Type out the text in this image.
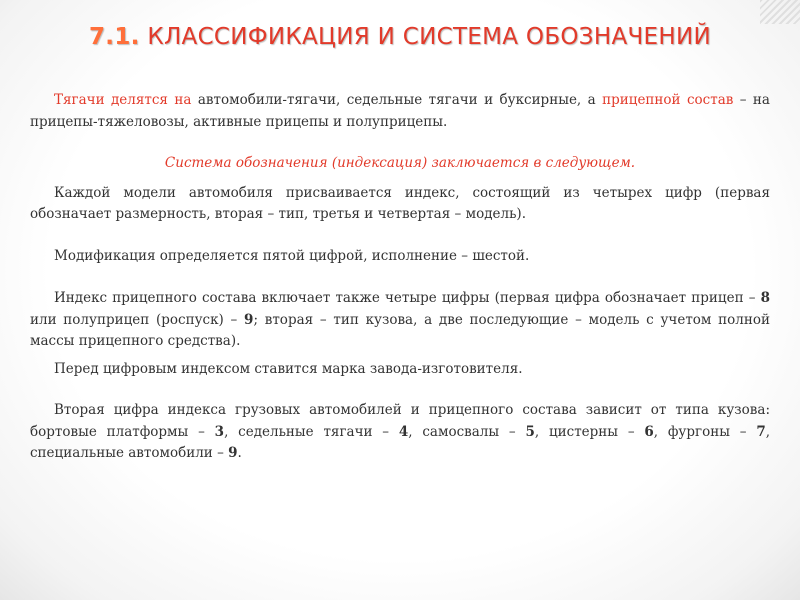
7.1. КЛАССИФИКАЦИЯ И СИСТЕМА ОБОЗНАЧЕНИЙ

Тягачи делятся на автомобили-тягачи, седельные тягачи и буксирные, а прицепной состав – на прицепы-тяжеловозы, активные прицепы и полуприцепы.

Система обозначения (индексация) заключается в следующем.

Каждой модели автомобиля присваивается индекс, состоящий из четырех цифр (первая обозначает размерность, вторая – тип, третья и четвертая – модель).

Модификация определяется пятой цифрой, исполнение – шестой.

Индекс прицепного состава включает также четыре цифры (первая цифра обозначает прицеп – 8 или полуприцеп (роспуск) – 9; вторая – тип кузова, а две последующие – модель с учетом полной массы прицепного средства).

Перед цифровым индексом ставится марка завода-изготовителя.

Вторая цифра индекса грузовых автомобилей и прицепного состава зависит от типа кузова: бортовые платформы – 3, седельные тягачи – 4, самосвалы – 5, цистерны – 6, фургоны – 7, специальные автомобили – 9.
